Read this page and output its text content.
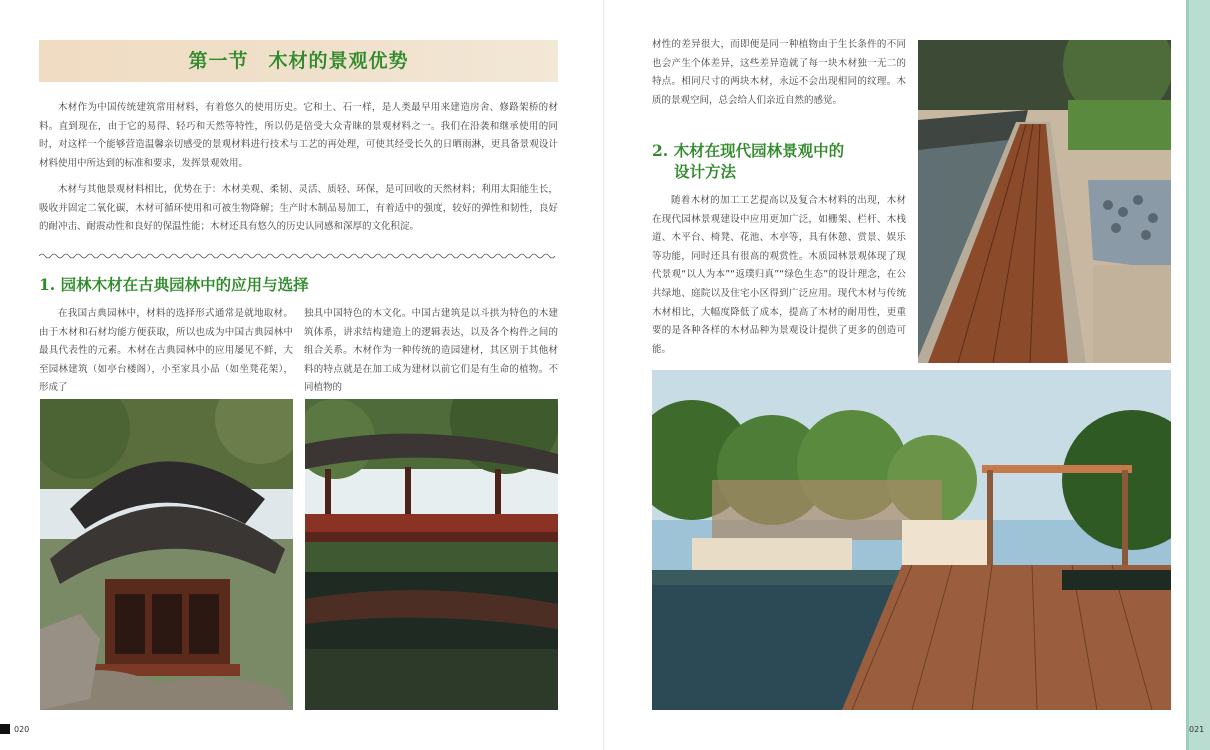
第一节　木材的景观优势

木材作为中国传统建筑常用材料，有着悠久的使用历史。它和土、石一样，是人类最早用来建造房舍、修路架桥的材料。直到现在，由于它的易得、轻巧和天然等特性，所以仍是倍受大众青睐的景观材料之一。我们在沿袭和继承使用的同时，对这样一个能够营造温馨亲切感受的景观材料进行技术与工艺的再处理，可使其经受长久的日晒雨淋，更具备景观设计材料使用中所达到的标准和要求，发挥景观效用。

木材与其他景观材料相比，优势在于：木材美观、柔韧、灵活、质轻、环保，是可回收的天然材料；利用太阳能生长，吸收并固定二氧化碳，木材可循环使用和可被生物降解；生产时木制品易加工，有着适中的强度，较好的弹性和韧性，良好的耐冲击、耐震动性和良好的保温性能；木材还具有悠久的历史认同感和深厚的文化积淀。

1. 园林木材在古典园林中的应用与选择

在我国古典园林中，材料的选择形式通常是就地取材。由于木材和石材均能方便获取，所以也成为中国古典园林中最具代表性的元素。木材在古典园林中的应用屡见不鲜，大至园林建筑（如亭台楼阁），小至家具小品（如坐凳花架），形成了

独具中国特色的木文化。中国古建筑是以斗拱为特色的木建筑体系，讲求结构建造上的逻辑表达，以及各个构件之间的组合关系。木材作为一种传统的造园建材，其区别于其他材料的特点就是在加工成为建材以前它们是有生命的植物。不同植物的

020

材性的差异很大，而即便是同一种植物由于生长条件的不同也会产生个体差异，这些差异造就了每一块木材独一无二的特点。相同尺寸的两块木材，永远不会出现相同的纹理。木质的景观空间，总会给人们亲近自然的感觉。

2. 木材在现代园林景观中的
设计方法

随着木材的加工工艺提高以及复合木材料的出现，木材在现代园林景观建设中应用更加广泛，如栅架、栏杆、木栈道、木平台、椅凳、花池、木亭等，具有休憩、赏景、娱乐等功能，同时还具有很高的观赏性。木质园林景观体现了现代景观“以人为本”“返璞归真”“绿色生态”的设计理念，在公共绿地、庭院以及住宅小区得到广泛应用。现代木材与传统木材相比，大幅度降低了成本，提高了木材的耐用性，更重要的是各种各样的木材品种为景观设计提供了更多的创造可能。

021
